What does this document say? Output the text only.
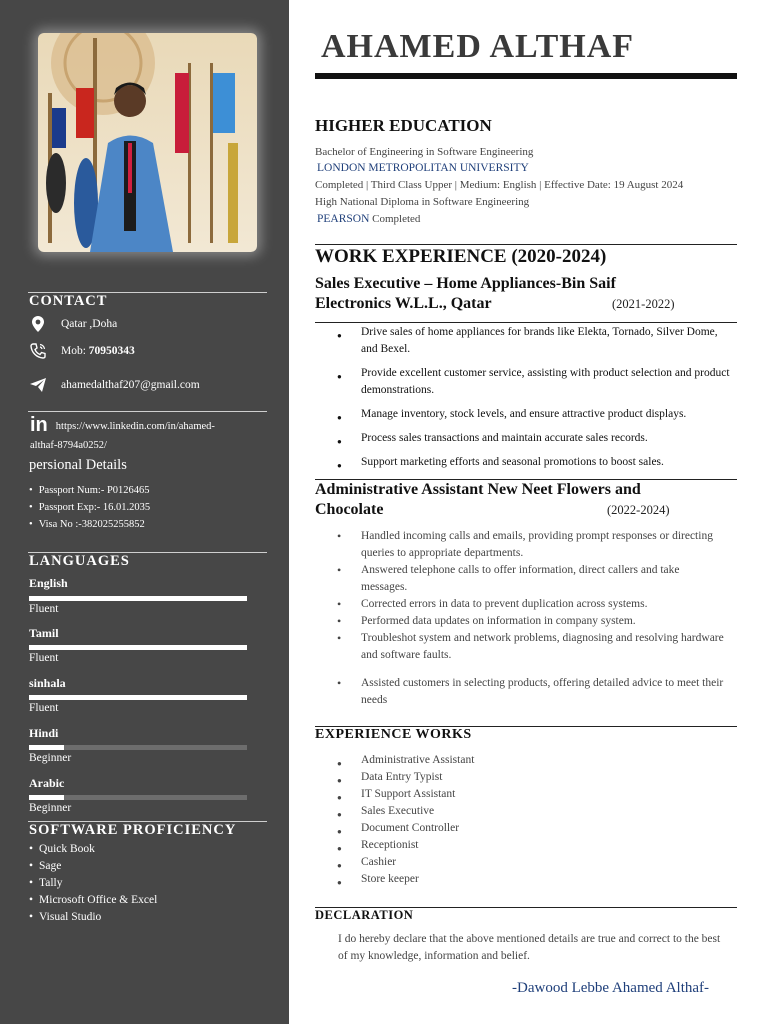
CONTACT
Qatar ,Doha
Mob: 70950343
ahamedalthaf207@gmail.com
in https://www.linkedin.com/in/ahamed-
althaf-8794a0252/
persional Details
• Passport Num:- P0126465
• Passport Exp:- 16.01.2035
• Visa No :-382025255852
LANGUAGES
English
Fluent
Tamil
Fluent
sinhala
Fluent
Hindi
Beginner
Arabic
Beginner
SOFTWARE PROFICIENCY
• Quick Book
• Sage
• Tally
• Microsoft Office & Excel
• Visual Studio
AHAMED ALTHAF
HIGHER EDUCATION
Bachelor of Engineering in Software Engineering
LONDON METROPOLITAN UNIVERSITY
Completed | Third Class Upper | Medium: English | Effective Date: 19 August 2024
High National Diploma in Software Engineering
PEARSON Completed
WORK EXPERIENCE (2020-2024)
Sales Executive – Home Appliances-Bin Saif
Electronics W.L.L., Qatar	(2021-2022)
● Drive sales of home appliances for brands like Elekta, Tornado, Silver Dome, and Bexel.
● Provide excellent customer service, assisting with product selection and product demonstrations.
● Manage inventory, stock levels, and ensure attractive product displays.
● Process sales transactions and maintain accurate sales records.
● Support marketing efforts and seasonal promotions to boost sales.
Administrative Assistant New Neet Flowers and
Chocolate	(2022-2024)
• Handled incoming calls and emails, providing prompt responses or directing queries to appropriate departments.
• Answered telephone calls to offer information, direct callers and take messages.
• Corrected errors in data to prevent duplication across systems.
• Performed data updates on information in company system.
• Troubleshot system and network problems, diagnosing and resolving hardware and software faults.
• Assisted customers in selecting products, offering detailed advice to meet their needs
EXPERIENCE WORKS
● Administrative Assistant
● Data Entry Typist
● IT Support Assistant
● Sales Executive
● Document Controller
● Receptionist
● Cashier
● Store keeper
DECLARATION
I do hereby declare that the above mentioned details are true and correct to the best of my knowledge, information and belief.
-Dawood Lebbe Ahamed Althaf-
